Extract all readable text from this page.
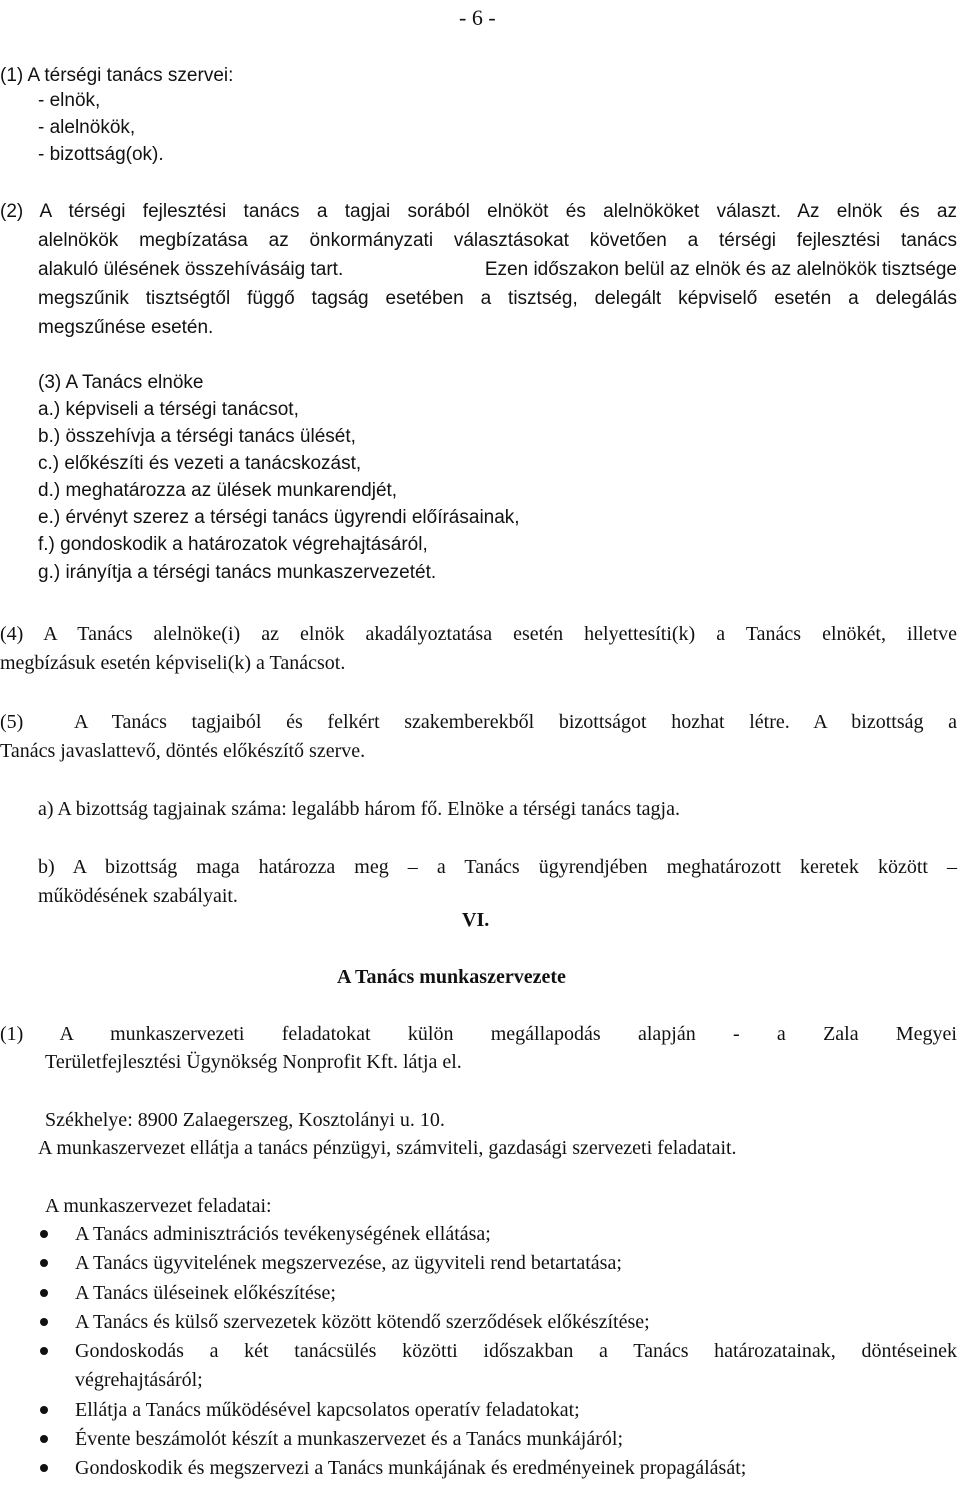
- 6 -
(1) A térségi tanács szervei:
- elnök,
- alelnökök,
- bizottság(ok).
(2) A térségi fejlesztési tanács a tagjai sorából elnököt és alelnököket választ. Az elnök és az
alelnökök megbízatása az önkormányzati választásokat követően a térségi fejlesztési tanács
alakuló ülésének összehívásáig tart.	Ezen időszakon belül az elnök és az alelnökök tisztsége
megszűnik tisztségtől függő tagság esetében a tisztség, delegált képviselő esetén a delegálás
megszűnése esetén.
(3) A Tanács elnöke
a.) képviseli a térségi tanácsot,
b.) összehívja a térségi tanács ülését,
c.) előkészíti és vezeti a tanácskozást,
d.) meghatározza az ülések munkarendjét,
e.) érvényt szerez a térségi tanács ügyrendi előírásainak,
f.) gondoskodik a határozatok végrehajtásáról,
g.) irányítja a térségi tanács munkaszervezetét.
(4) A Tanács alelnöke(i) az elnök akadályoztatása esetén helyettesíti(k) a Tanács elnökét, illetve
megbízásuk esetén képviseli(k) a Tanácsot.
(5)	A Tanács tagjaiból és felkért szakemberekből bizottságot hozhat létre. A bizottság a
Tanács javaslattevő, döntés előkészítő szerve.
a) A bizottság tagjainak száma: legalább három fő. Elnöke a térségi tanács tagja.
b) A bizottság maga határozza meg ‒ a Tanács ügyrendjében meghatározott keretek között ‒
működésének szabályait.
VI.
A Tanács munkaszervezete
(1) A munkaszervezeti feladatokat külön megállapodás alapján - a Zala Megyei
Területfejlesztési Ügynökség Nonprofit Kft. látja el.
Székhelye: 8900 Zalaegerszeg, Kosztolányi u. 10.
A munkaszervezet ellátja a tanács pénzügyi, számviteli, gazdasági szervezeti feladatait.
A munkaszervezet feladatai:
A Tanács adminisztrációs tevékenységének ellátása;
A Tanács ügyvitelének megszervezése, az ügyviteli rend betartatása;
A Tanács üléseinek előkészítése;
A Tanács és külső szervezetek között kötendő szerződések előkészítése;
Gondoskodás a két tanácsülés közötti időszakban a Tanács határozatainak, döntéseinek
végrehajtásáról;
Ellátja a Tanács működésével kapcsolatos operatív feladatokat;
Évente beszámolót készít a munkaszervezet és a Tanács munkájáról;
Gondoskodik és megszervezi a Tanács munkájának és eredményeinek propagálását;
